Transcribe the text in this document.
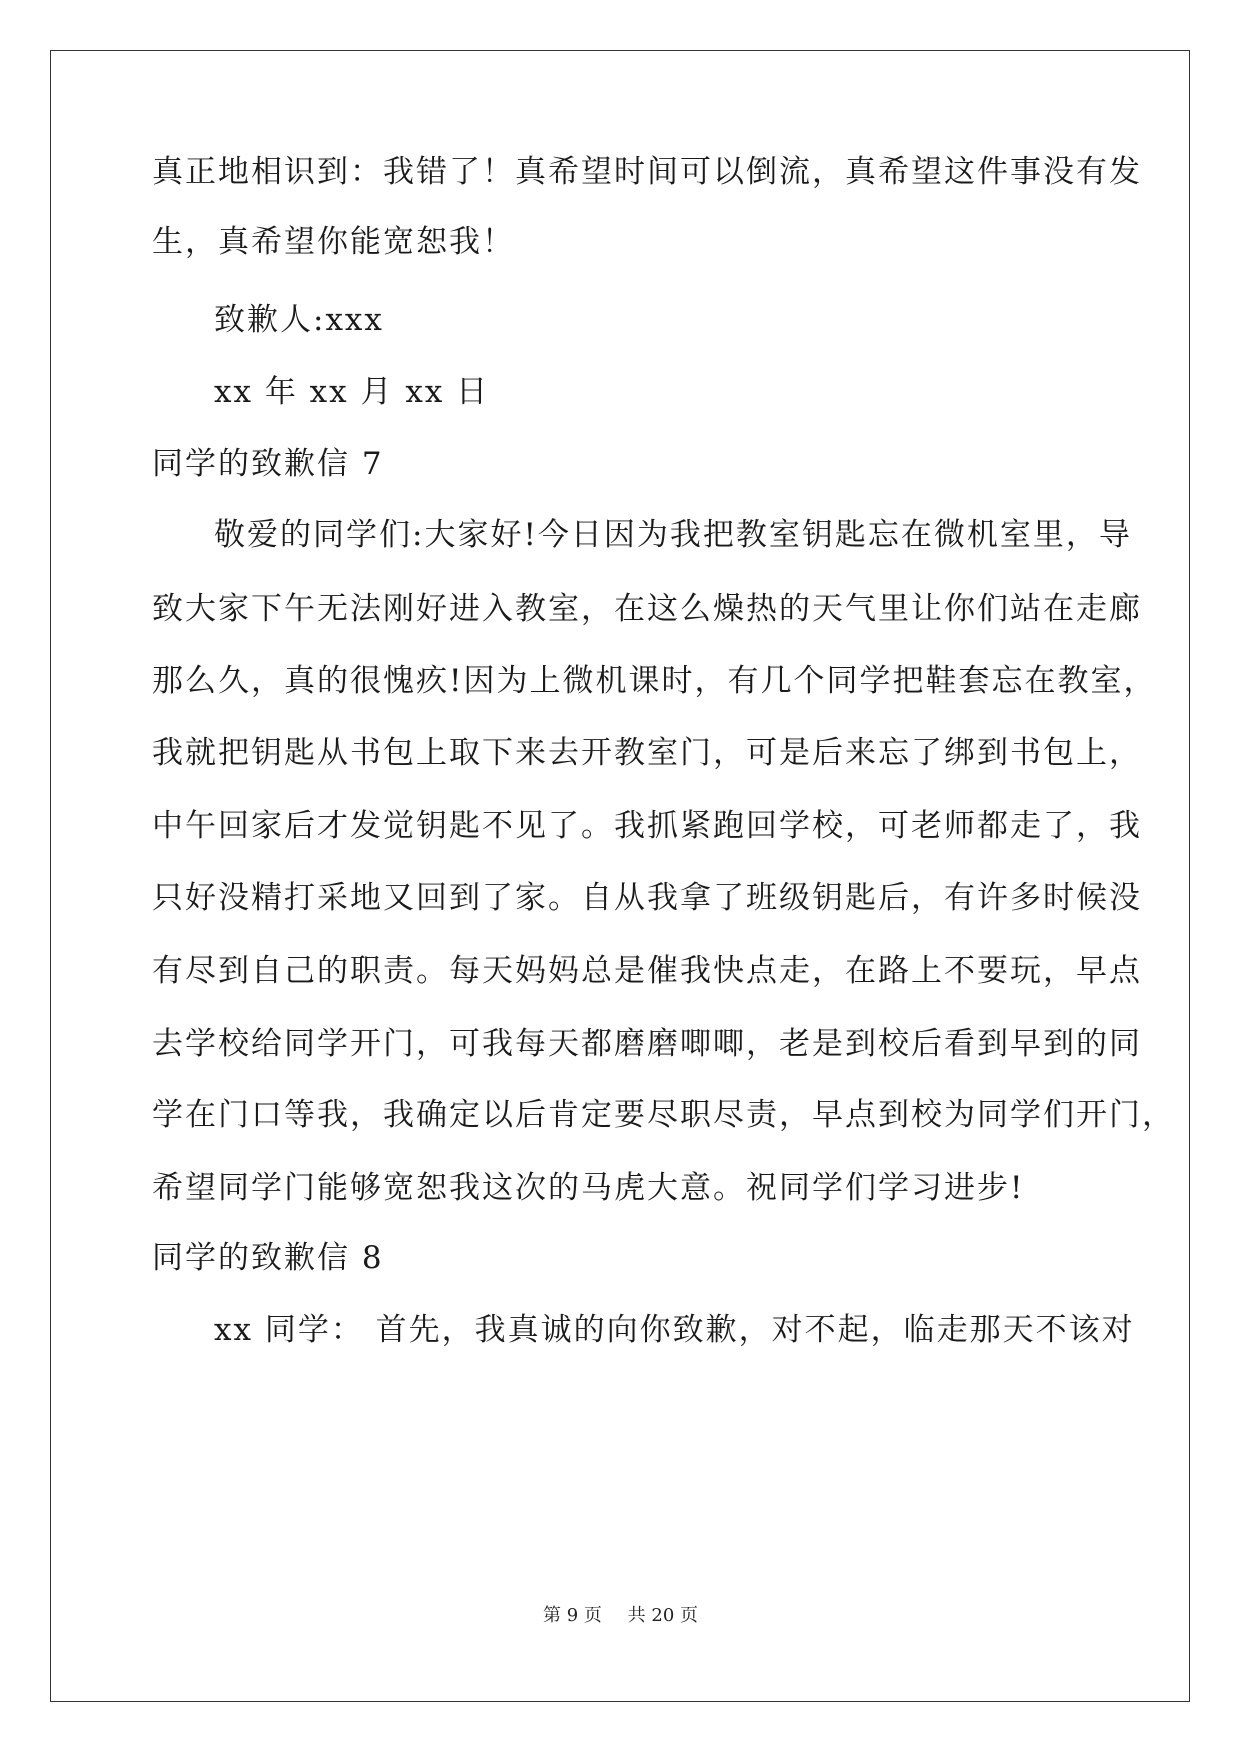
真正地相识到：我错了！真希望时间可以倒流，真希望这件事没有发
生，真希望你能宽恕我！
致歉人:xxx
xx 年 xx 月 xx 日
同学的致歉信 7
敬爱的同学们:大家好!今日因为我把教室钥匙忘在微机室里，导
致大家下午无法刚好进入教室，在这么燥热的天气里让你们站在走廊
那么久，真的很愧疚!因为上微机课时，有几个同学把鞋套忘在教室，
我就把钥匙从书包上取下来去开教室门，可是后来忘了绑到书包上，
中午回家后才发觉钥匙不见了。我抓紧跑回学校，可老师都走了，我
只好没精打采地又回到了家。自从我拿了班级钥匙后，有许多时候没
有尽到自己的职责。每天妈妈总是催我快点走，在路上不要玩，早点
去学校给同学开门，可我每天都磨磨唧唧，老是到校后看到早到的同
学在门口等我，我确定以后肯定要尽职尽责，早点到校为同学们开门，
希望同学门能够宽恕我这次的马虎大意。祝同学们学习进步!
同学的致歉信 8
xx 同学： 首先，我真诚的向你致歉，对不起，临走那天不该对
第 9 页 共 20 页
